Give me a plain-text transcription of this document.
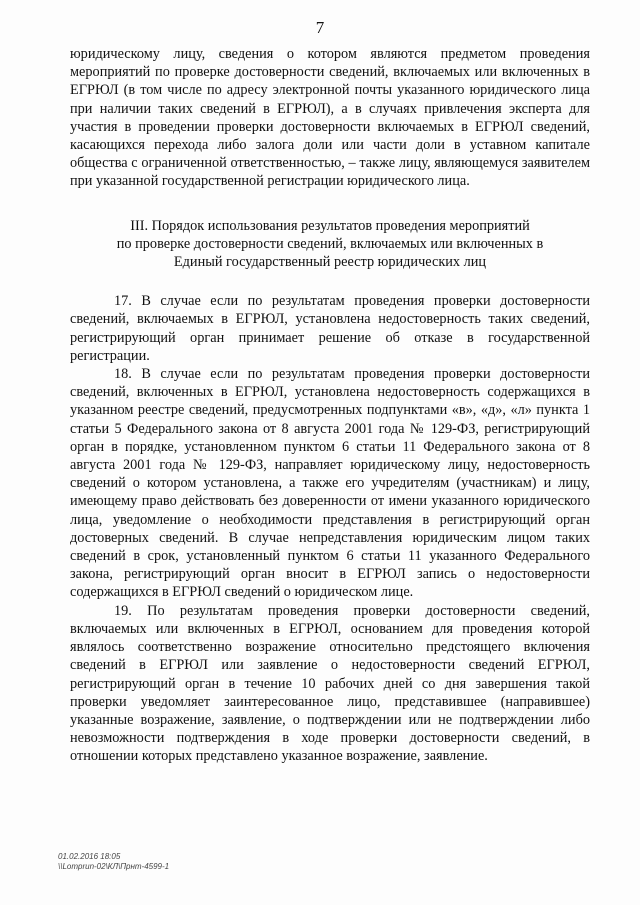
7

юридическому лицу, сведения о котором являются предметом проведения мероприятий по проверке достоверности сведений, включаемых или включенных в ЕГРЮЛ (в том числе по адресу электронной почты указанного юридического лица при наличии таких сведений в ЕГРЮЛ), а в случаях привлечения эксперта для участия в проведении проверки достоверности включаемых в ЕГРЮЛ сведений, касающихся перехода либо залога доли или части доли в уставном капитале общества с ограниченной ответственностью, – также лицу, являющемуся заявителем при указанной государственной регистрации юридического лица.

III. Порядок использования результатов проведения мероприятий
по проверке достоверности сведений, включаемых или включенных в
Единый государственный реестр юридических лиц

17. В случае если по результатам проведения проверки достоверности сведений, включаемых в ЕГРЮЛ, установлена недостоверность таких сведений, регистрирующий орган принимает решение об отказе в государственной регистрации.

18. В случае если по результатам проведения проверки достоверности сведений, включенных в ЕГРЮЛ, установлена недостоверность содержащихся в указанном реестре сведений, предусмотренных подпунктами «в», «д», «л» пункта 1 статьи 5 Федерального закона от 8 августа 2001 года № 129-ФЗ, регистрирующий орган в порядке, установленном пунктом 6 статьи 11 Федерального закона от 8 августа 2001 года № 129-ФЗ, направляет юридическому лицу, недостоверность сведений о котором установлена, а также его учредителям (участникам) и лицу, имеющему право действовать без доверенности от имени указанного юридического лица, уведомление о необходимости представления в регистрирующий орган достоверных сведений. В случае непредставления юридическим лицом таких сведений в срок, установленный пунктом 6 статьи 11 указанного Федерального закона, регистрирующий орган вносит в ЕГРЮЛ запись о недостоверности содержащихся в ЕГРЮЛ сведений о юридическом лице.

19. По результатам проведения проверки достоверности сведений, включаемых или включенных в ЕГРЮЛ, основанием для проведения которой являлось соответственно возражение относительно предстоящего включения сведений в ЕГРЮЛ или заявление о недостоверности сведений ЕГРЮЛ, регистрирующий орган в течение 10 рабочих дней со дня завершения такой проверки уведомляет заинтересованное лицо, представившее (направившее) указанные возражение, заявление, о подтверждении или не подтверждении либо невозможности подтверждения в ходе проверки достоверности сведений, в отношении которых представлено указанное возражение, заявление.

01.02.2016 18:05
\\Lomprun-02\КЛ\Прнт-4599-1
